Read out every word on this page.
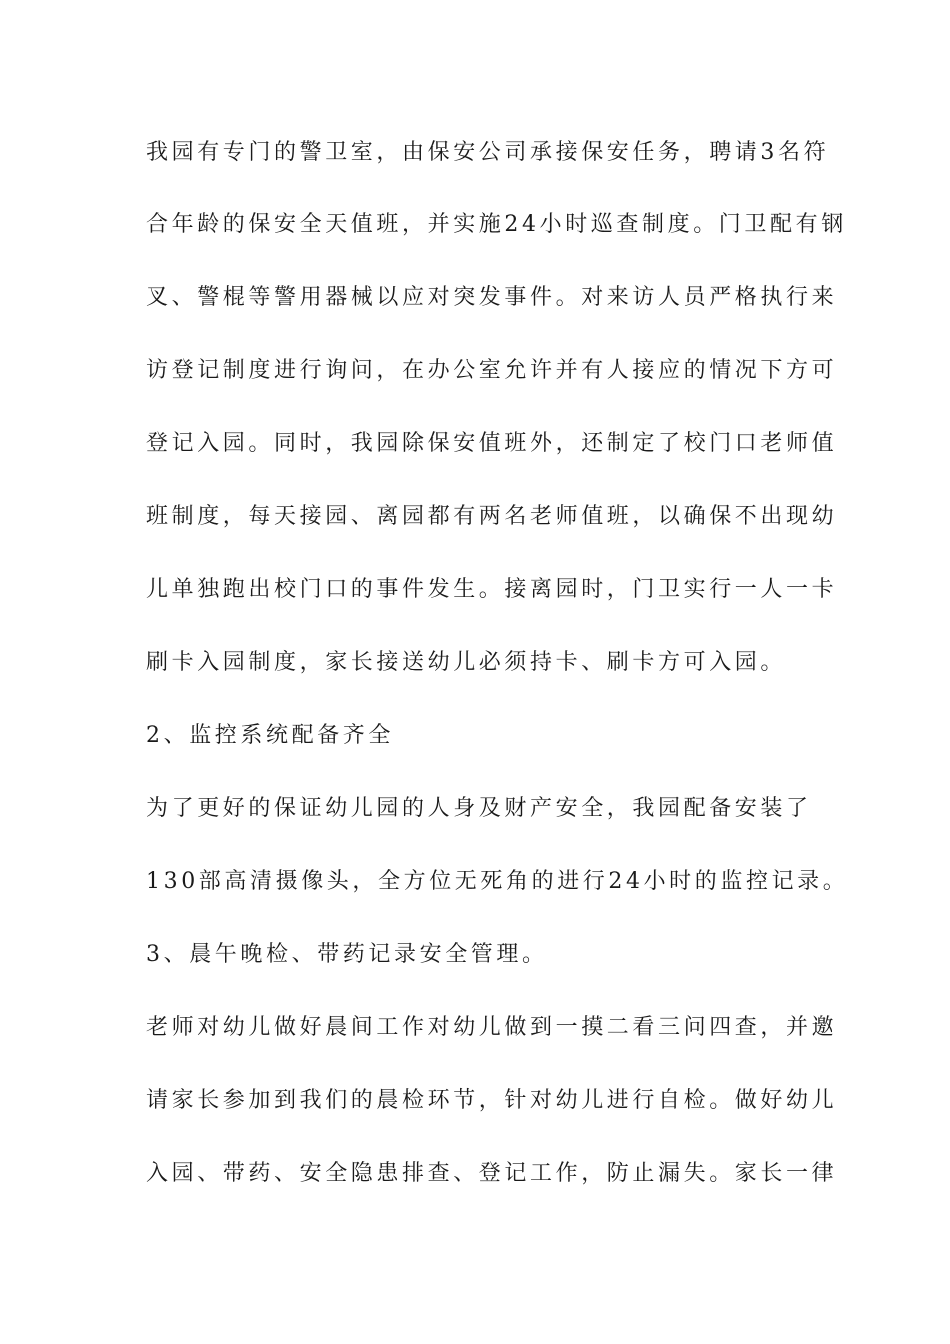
我园有专门的警卫室，由保安公司承接保安任务，聘请3名符
合年龄的保安全天值班，并实施24小时巡查制度。门卫配有钢
叉、警棍等警用器械以应对突发事件。对来访人员严格执行来
访登记制度进行询问，在办公室允许并有人接应的情况下方可
登记入园。同时，我园除保安值班外，还制定了校门口老师值
班制度，每天接园、离园都有两名老师值班，以确保不出现幼
儿单独跑出校门口的事件发生。接离园时，门卫实行一人一卡
刷卡入园制度，家长接送幼儿必须持卡、刷卡方可入园。
2、监控系统配备齐全
为了更好的保证幼儿园的人身及财产安全，我园配备安装了
130部高清摄像头，全方位无死角的进行24小时的监控记录。
3、晨午晚检、带药记录安全管理。
老师对幼儿做好晨间工作对幼儿做到一摸二看三问四查，并邀
请家长参加到我们的晨检环节，针对幼儿进行自检。做好幼儿
入园、带药、安全隐患排查、登记工作，防止漏失。家长一律
